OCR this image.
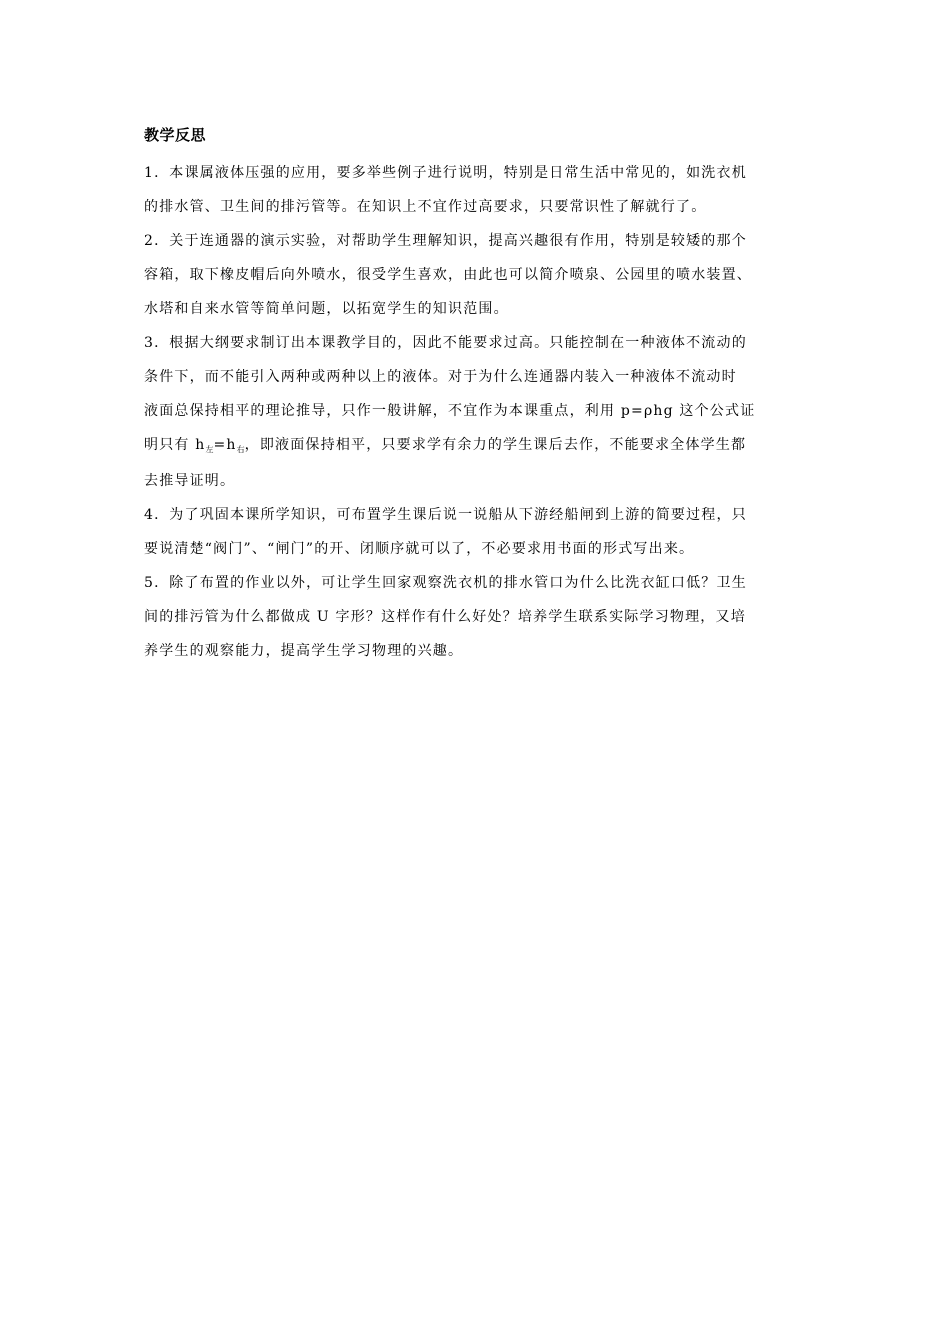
教学反思

1．本课属液体压强的应用，要多举些例子进行说明，特别是日常生活中常见的，如洗衣机
的排水管、卫生间的排污管等。在知识上不宜作过高要求，只要常识性了解就行了。

2．关于连通器的演示实验，对帮助学生理解知识，提高兴趣很有作用，特别是较矮的那个
容箱，取下橡皮帽后向外喷水，很受学生喜欢，由此也可以简介喷泉、公园里的喷水装置、
水塔和自来水管等简单问题，以拓宽学生的知识范围。

3．根据大纲要求制订出本课教学目的，因此不能要求过高。只能控制在一种液体不流动的
条件下，而不能引入两种或两种以上的液体。对于为什么连通器内装入一种液体不流动时
液面总保持相平的理论推导，只作一般讲解，不宜作为本课重点，利用 p=ρhg 这个公式证
明只有 $h_左=h_右$，即液面保持相平，只要求学有余力的学生课后去作，不能要求全体学生都
去推导证明。

4．为了巩固本课所学知识，可布置学生课后说一说船从下游经船闸到上游的简要过程，只
要说清楚“阀门”、“闸门”的开、闭顺序就可以了，不必要求用书面的形式写出来。

5．除了布置的作业以外，可让学生回家观察洗衣机的排水管口为什么比洗衣缸口低？卫生
间的排污管为什么都做成 U 字形？这样作有什么好处？培养学生联系实际学习物理，又培
养学生的观察能力，提高学生学习物理的兴趣。
